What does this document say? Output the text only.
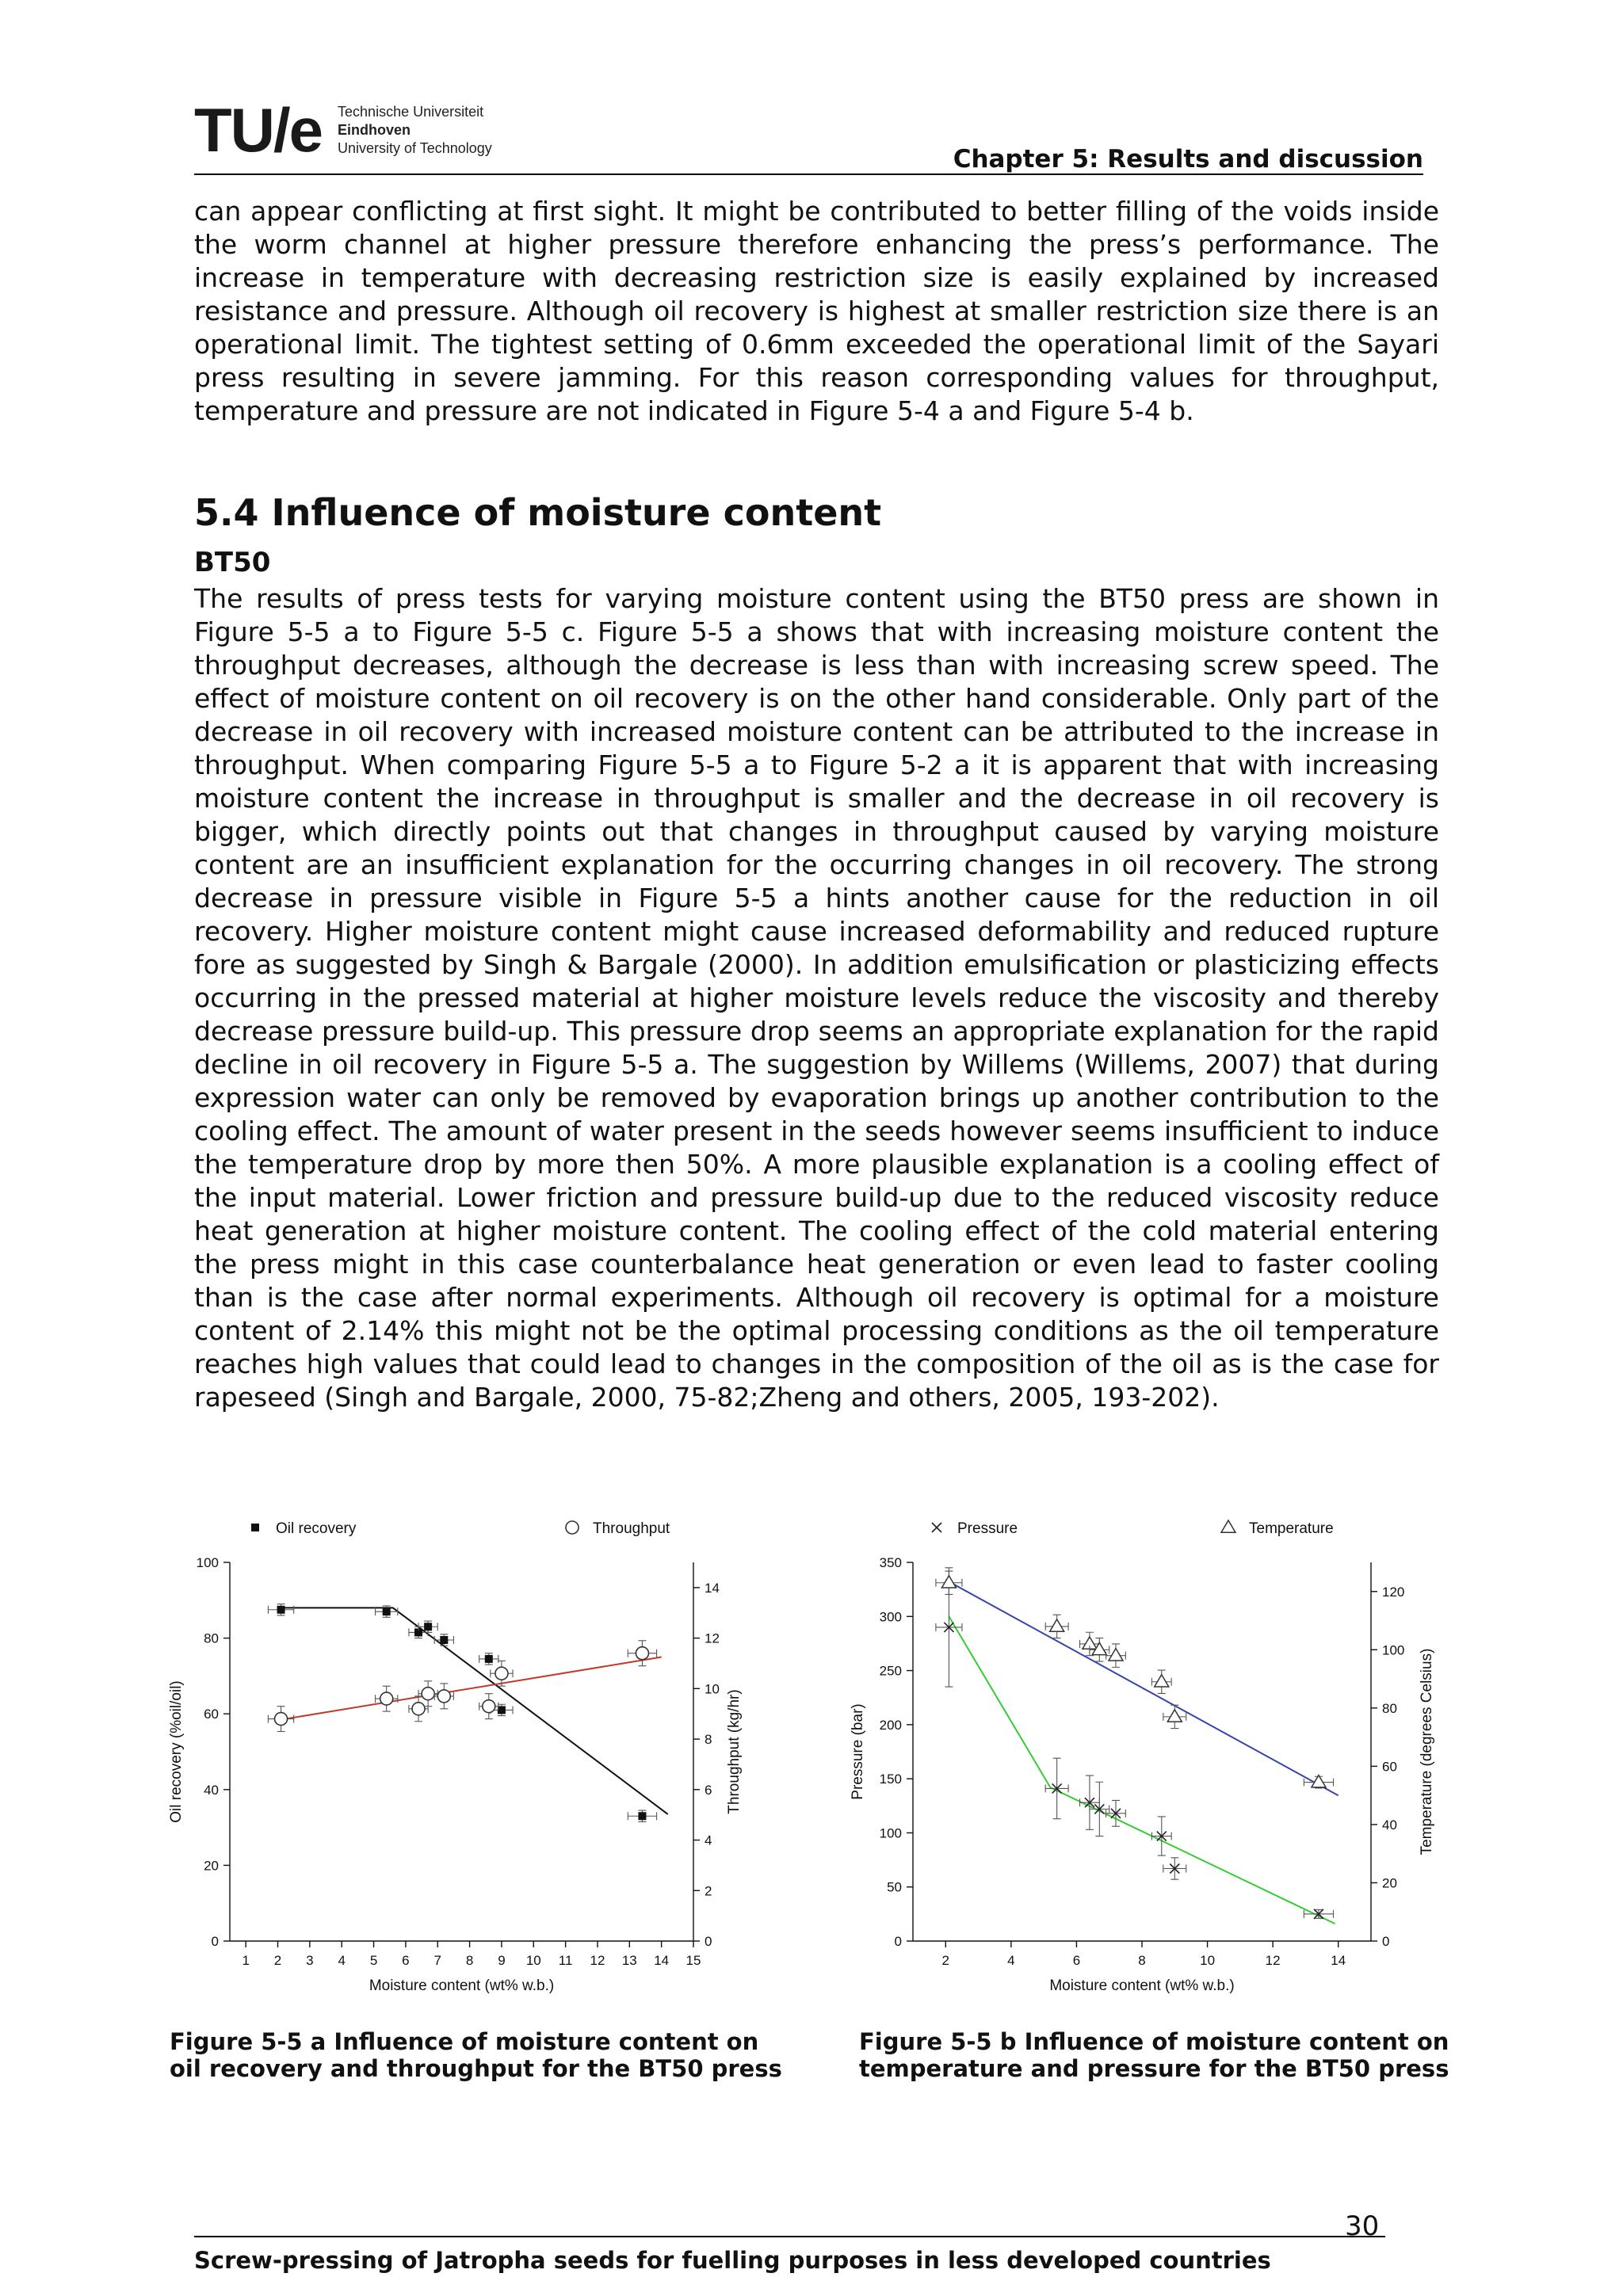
TU/e Technische Universiteit
Eindhoven
University of Technology	Chapter 5: Results and discussion

can appear conflicting at first sight. It might be contributed to better filling of the voids inside the worm channel at higher pressure therefore enhancing the press’s performance. The increase in temperature with decreasing restriction size is easily explained by increased resistance and pressure. Although oil recovery is highest at smaller restriction size there is an operational limit. The tightest setting of 0.6mm exceeded the operational limit of the Sayari press resulting in severe jamming. For this reason corresponding values for throughput, temperature and pressure are not indicated in Figure 5-4 a and Figure 5-4 b.

5.4 Influence of moisture content
BT50

The results of press tests for varying moisture content using the BT50 press are shown in Figure 5-5 a to Figure 5-5 c. Figure 5-5 a shows that with increasing moisture content the throughput decreases, although the decrease is less than with increasing screw speed. The effect of moisture content on oil recovery is on the other hand considerable. Only part of the decrease in oil recovery with increased moisture content can be attributed to the increase in throughput. When comparing Figure 5-5 a to Figure 5-2 a it is apparent that with increasing moisture content the increase in throughput is smaller and the decrease in oil recovery is bigger, which directly points out that changes in throughput caused by varying moisture content are an insufficient explanation for the occurring changes in oil recovery. The strong decrease in pressure visible in Figure 5-5 a hints another cause for the reduction in oil recovery. Higher moisture content might cause increased deformability and reduced rupture fore as suggested by Singh & Bargale (2000). In addition emulsification or plasticizing effects occurring in the pressed material at higher moisture levels reduce the viscosity and thereby decrease pressure build-up. This pressure drop seems an appropriate explanation for the rapid decline in oil recovery in Figure 5-5 a. The suggestion by Willems (Willems, 2007) that during expression water can only be removed by evaporation brings up another contribution to the cooling effect. The amount of water present in the seeds however seems insufficient to induce the temperature drop by more then 50%. A more plausible explanation is a cooling effect of the input material. Lower friction and pressure build-up due to the reduced viscosity reduce heat generation at higher moisture content. The cooling effect of the cold material entering the press might in this case counterbalance heat generation or even lead to faster cooling than is the case after normal experiments. Although oil recovery is optimal for a moisture content of 2.14% this might not be the optimal processing conditions as the oil temperature reaches high values that could lead to changes in the composition of the oil as is the case for rapeseed (Singh and Bargale, 2000, 75-82;Zheng and others, 2005, 193-202).

1 2 3 4 5 6 7 8 9 10 11 12 13 14 15
0
20
40
60
80
100
0
2
4
6
8
10
12
14
Moisture content (wt% w.b.)
Oil recovery (%oil/oil)	Throughput (kg/hr)
Oil recovery	Throughput
2	4	6	8	10	12	14
0
50
100
150
200
250
300
350
0
20
40
60
80
100
120
Moisture content (wt% w.b.)
Pressure (bar)	Temperature (degrees Celsius)
Pressure	Temperature
Figure 5-5 a Influence of moisture content on oil recovery and throughput for the BT50 press
Figure 5-5 b Influence of moisture content on temperature and pressure for the BT50 press
30
Screw-pressing of Jatropha seeds for fuelling purposes in less developed countries
